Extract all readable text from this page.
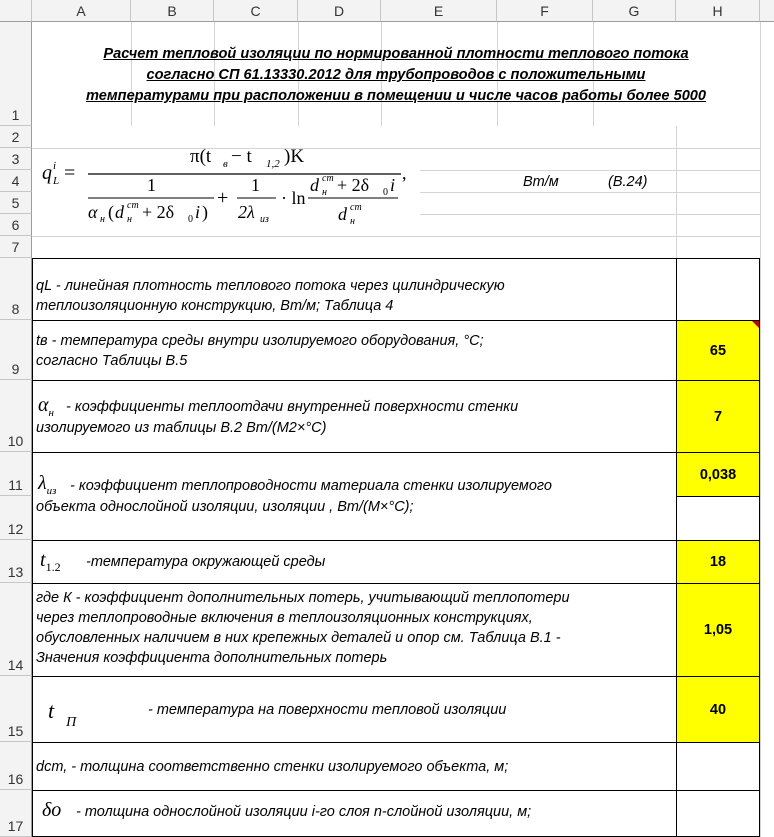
A	B	C	D	E	F	G	H
1
2
3
4
5
6
7
8
9
10
11
12
13
14
15
16
17
Расчет тепловой изоляции по нормированной плотности теплового потока
согласно СП 61.13330.2012 для трубопроводов с положительными
температурами при расположении в помещении и числе часов работы более 5000
q i
L =
π(t в − t 1,2 )K
1
α н ( d ст
н + 2δ 0 i )
+
1
2λ из
· ln
d ст
н + 2δ 0 i
d ст
н
,	Вт/м	(В.24)
qL - линейная плотность теплового потока через цилиндрическую
теплоизоляционную конструкцию, Вт/м; Таблица 4
tв - температура среды внутри изолируемого оборудования, °С;
согласно Таблицы В.5
65
$\alpha_н$ - коэффициенты теплоотдачи внутренней поверхности стенки
изолируемого из таблицы В.2 Вт/(М2×°С)
7
$\lambda_{из}$ - коэффициент теплопроводности материала стенки изолируемого
объекта однослойной изоляции, изоляции , Вт/(М×°С);
0,038
$t_{1.2}$ -температура окружающей среды	18
где К - коэффициент дополнительных потерь, учитывающий теплопотери
через теплопроводные включения в теплоизоляционных конструкциях,
обусловленных наличием в них крепежных деталей и опор см. Таблица В.1 -
Значения коэффициента дополнительных потерь
1,05
t $_П$
- температура на поверхности тепловой изоляции	40
dст, - толщина соответственно стенки изолируемого объекта, м;
δо - толщина однослойной изоляции i-го слоя n-слойной изоляции, м;
